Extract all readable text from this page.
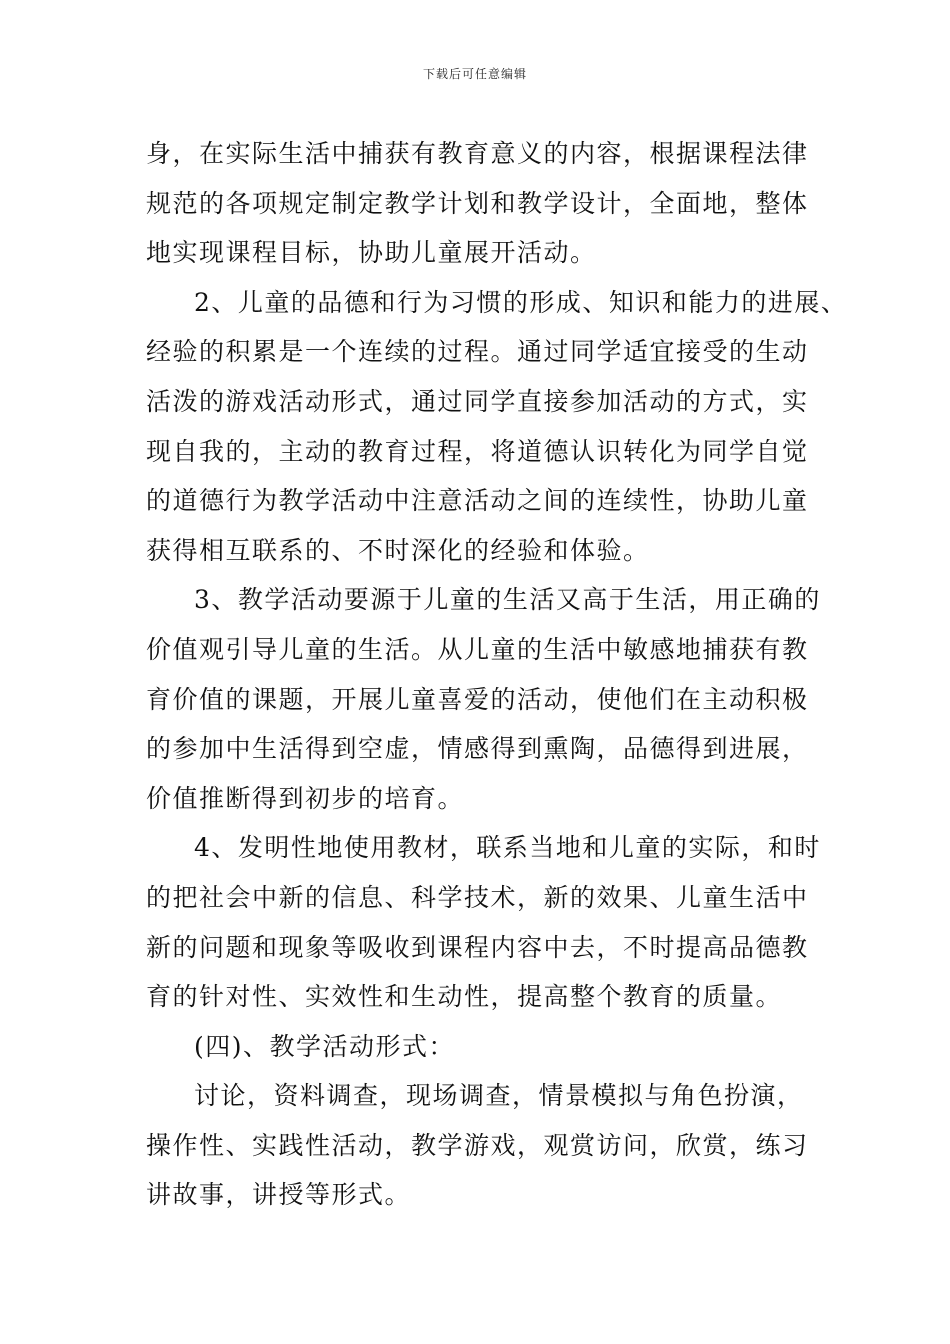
下载后可任意编辑
身，在实际生活中捕获有教育意义的内容，根据课程法律
规范的各项规定制定教学计划和教学设计，全面地，整体
地实现课程目标，协助儿童展开活动。
2、儿童的品德和行为习惯的形成、知识和能力的进展、
经验的积累是一个连续的过程。通过同学适宜接受的生动
活泼的游戏活动形式，通过同学直接参加活动的方式，实
现自我的，主动的教育过程，将道德认识转化为同学自觉
的道德行为教学活动中注意活动之间的连续性，协助儿童
获得相互联系的、不时深化的经验和体验。
3、教学活动要源于儿童的生活又高于生活，用正确的
价值观引导儿童的生活。从儿童的生活中敏感地捕获有教
育价值的课题，开展儿童喜爱的活动，使他们在主动积极
的参加中生活得到空虚，情感得到熏陶，品德得到进展，
价值推断得到初步的培育。
4、发明性地使用教材，联系当地和儿童的实际，和时
的把社会中新的信息、科学技术，新的效果、儿童生活中
新的问题和现象等吸收到课程内容中去，不时提高品德教
育的针对性、实效性和生动性，提高整个教育的质量。
(四)、教学活动形式：
讨论，资料调查，现场调查，情景模拟与角色扮演，
操作性、实践性活动，教学游戏，观赏访问，欣赏，练习
讲故事，讲授等形式。
